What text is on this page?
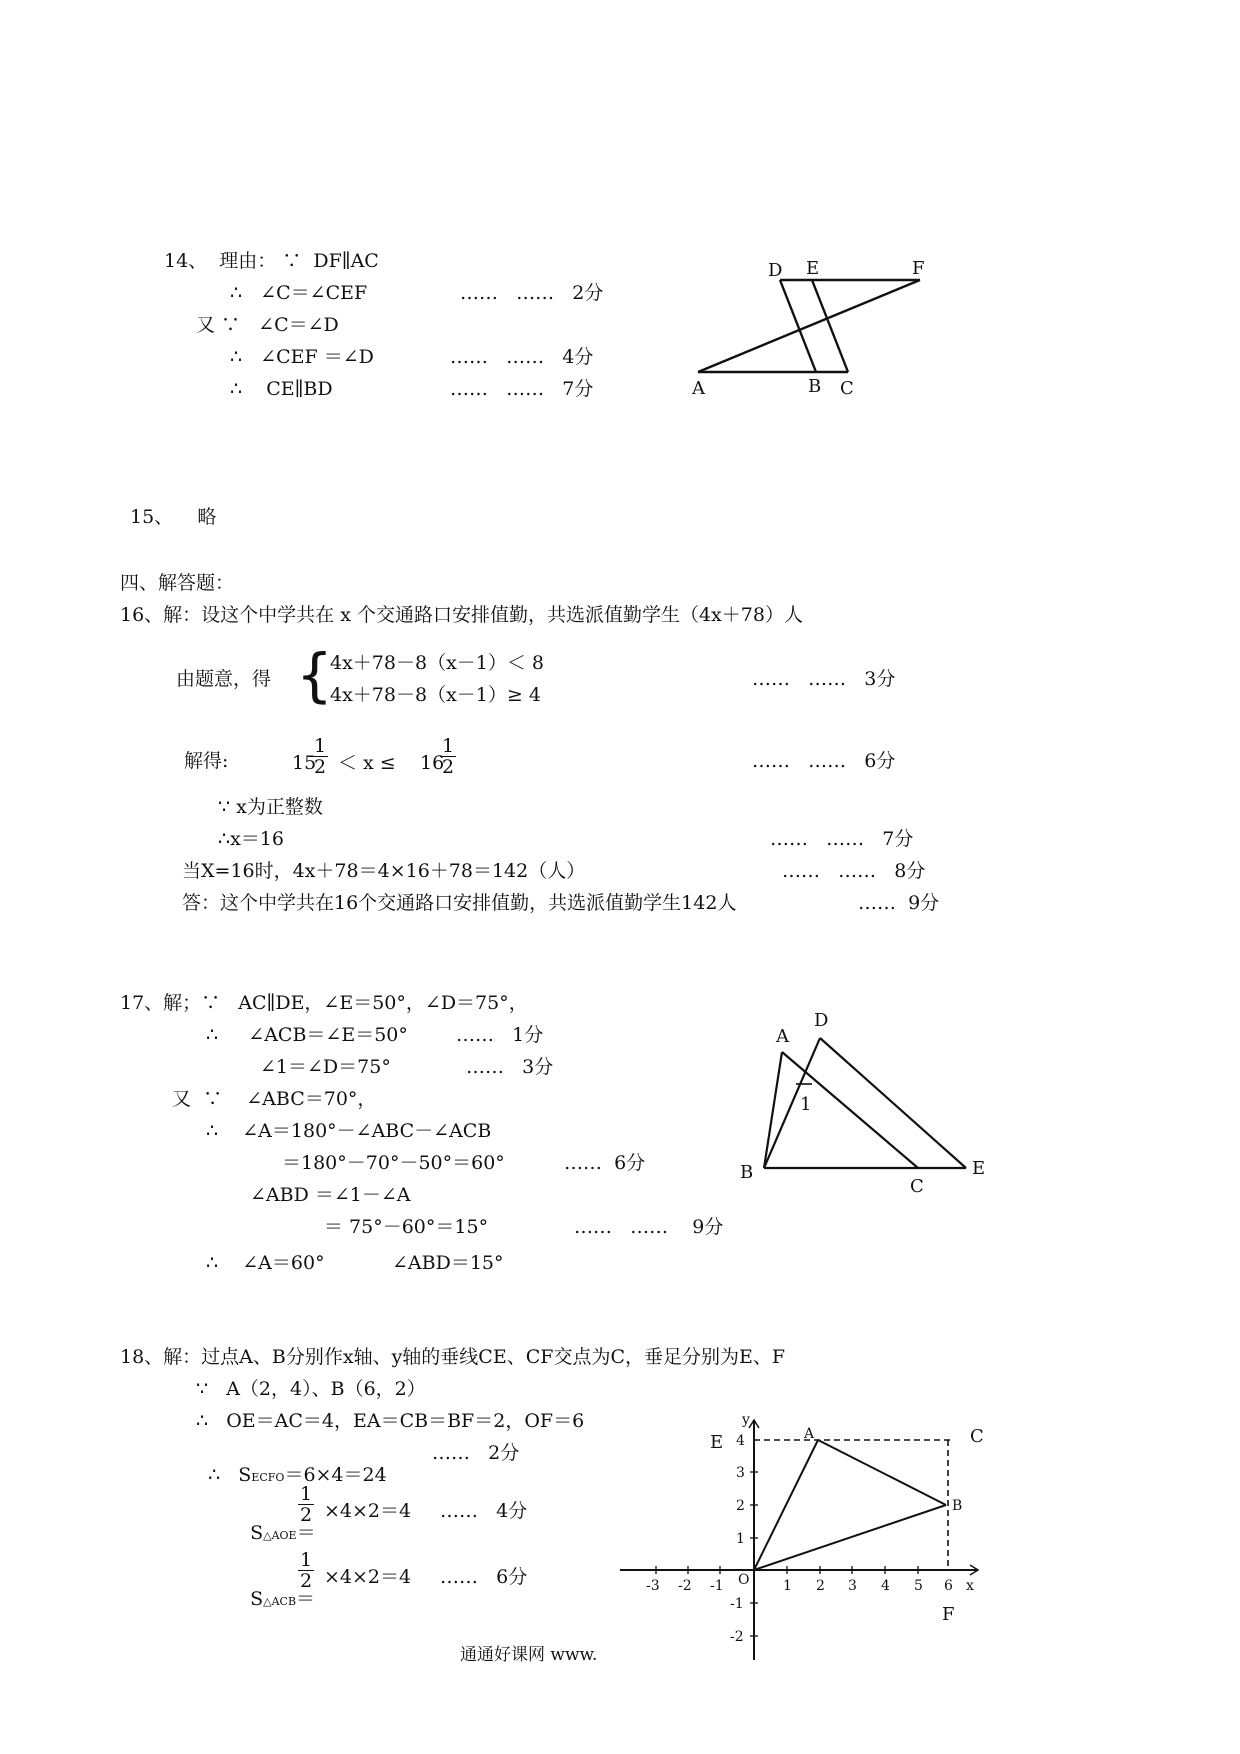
14、  理由： ∵  DF∥AC
∴   ∠C＝∠CEF	……   ……   2分
又 ∵   ∠C＝∠D
∴   ∠CEF ＝∠D	……   ……   4分
∴    CE∥BD	……   ……   7分
D E	F
A	B C
15、    略
四、解答题：
16、解：设这个中学共在 x 个交通路口安排值勤，共选派值勤学生（4x＋78）人
由题意，得 {
4x＋78－8（x－1）＜ 8
4x＋78－8（x－1）≥ 4
……   ……   3分
解得:	15
$\frac{1}{2} < x \le 16$
$\frac{1}{2}$	……   ……   6分
∵ x为正整数
∴x＝16	……   ……   7分
当X=16时，4x＋78＝4×16＋78＝142（人）	……   ……   8分
答：这个中学共在16个交通路口安排值勤，共选派值勤学生142人	……  9分
17、解；∵   AC∥DE，∠E＝50°，∠D＝75°，
∴     ∠ACB＝∠E＝50°	……   1分
∠1＝∠D＝75°	……   3分
又  ∵    ∠ABC＝70°，
∴    ∠A＝180°－∠ABC－∠ACB
＝180°－70°－50°＝60°	……  6分
∠ABD ＝∠1－∠A
＝ 75°－60°＝15°	……   ……    9分
∴    ∠A＝60°	∠ABD＝15°
A
D
B
C
E
1
18、解：过点A、B分别作x轴、y轴的垂线CE、CF交点为C，垂足分别为E、F
∵   A（2，4）、B（6，2）
∴   OE＝AC＝4，EA＝CB＝BF＝2，OF＝6

∴   SECFO＝6×4＝24

……   2分

S△AOE＝

$\frac{1}{2} \times 4\times 2=4$ ……   4分

S△ACB＝

$\frac{1}{2} \times 4\times 2=4$ ……   6分
E	C
F
A
B
O
y
x
-3 -2 -1	1 2 3 4 5 6
4
3
2
1
-1
-2
通通好课网 www.
